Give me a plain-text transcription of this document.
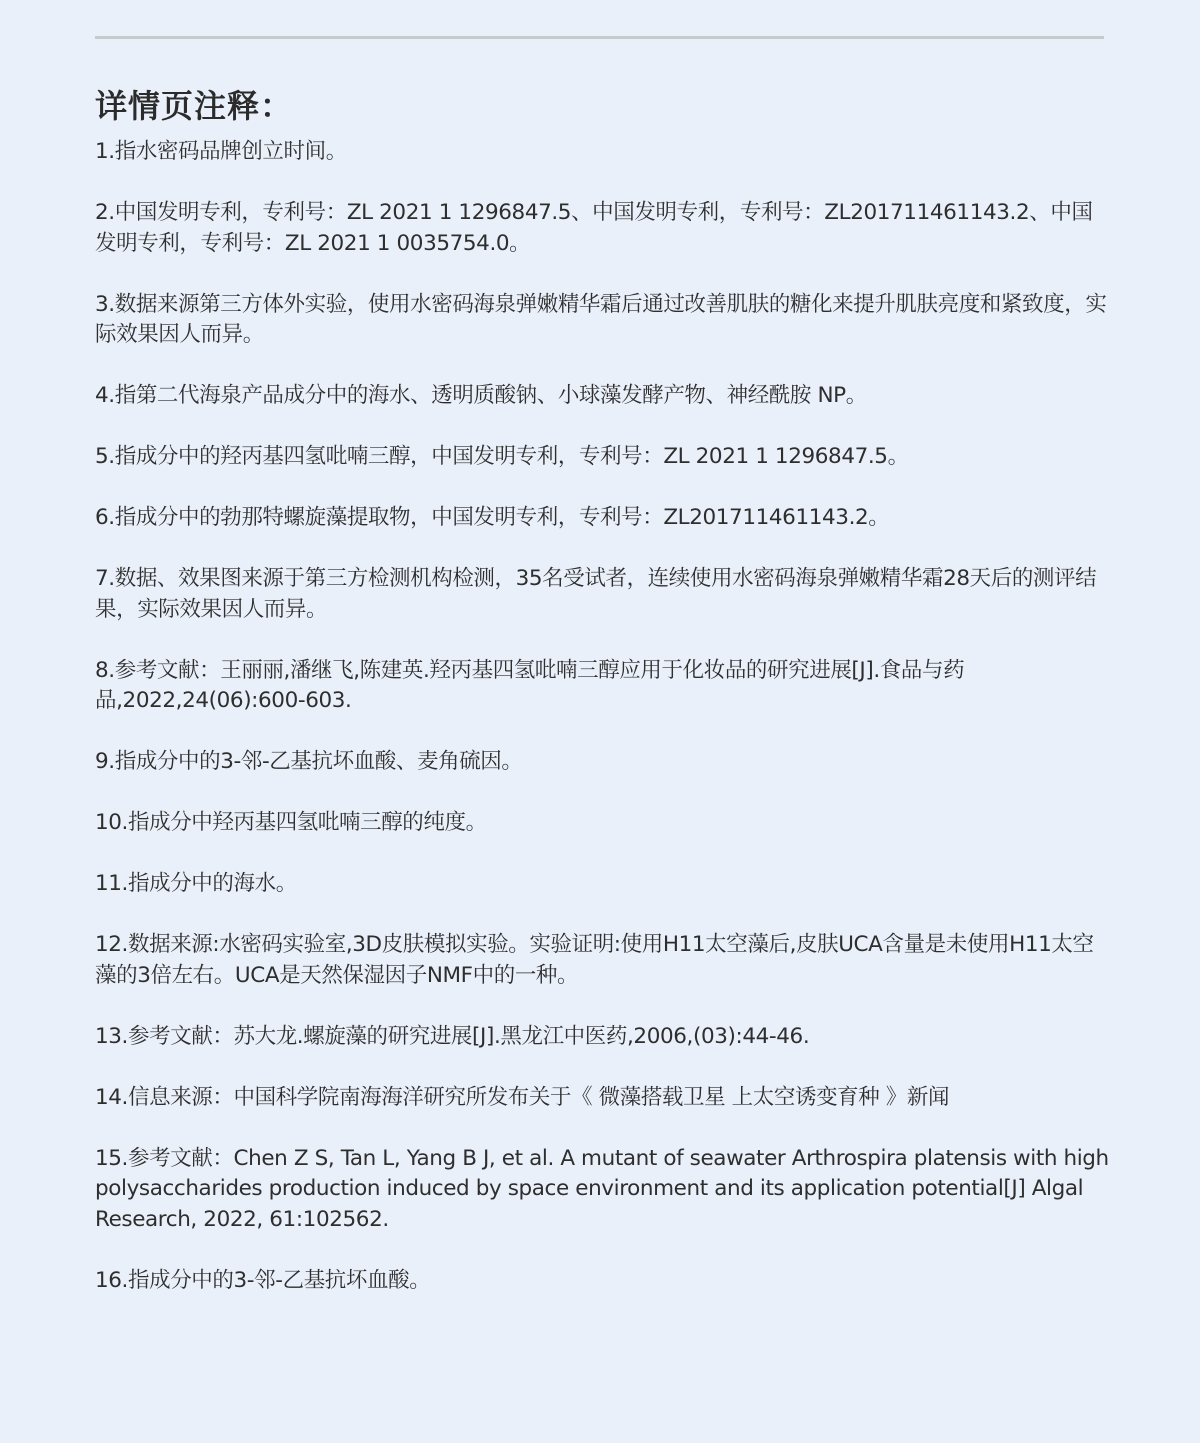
详情页注释：
1.指水密码品牌创立时间。
2.中国发明专利，专利号：ZL 2021 1 1296847.5、中国发明专利，专利号：ZL201711461143.2、中国发明专利，专利号：ZL 2021 1 0035754.0。
3.数据来源第三方体外实验，使用水密码海泉弹嫩精华霜后通过改善肌肤的糖化来提升肌肤亮度和紧致度，实际效果因人而异。
4.指第二代海泉产品成分中的海水、透明质酸钠、小球藻发酵产物、神经酰胺 NP。
5.指成分中的羟丙基四氢吡喃三醇，中国发明专利，专利号：ZL 2021 1 1296847.5。
6.指成分中的勃那特螺旋藻提取物，中国发明专利，专利号：ZL201711461143.2。
7.数据、效果图来源于第三方检测机构检测，35名受试者，连续使用水密码海泉弹嫩精华霜28天后的测评结果，实际效果因人而异。
8.参考文献：王丽丽,潘继飞,陈建英.羟丙基四氢吡喃三醇应用于化妆品的研究进展[J].食品与药品,2022,24(06):600-603.
9.指成分中的3-邻-乙基抗坏血酸、麦角硫因。
10.指成分中羟丙基四氢吡喃三醇的纯度。
11.指成分中的海水。
12.数据来源:水密码实验室,3D皮肤模拟实验。实验证明:使用H11太空藻后,皮肤UCA含量是未使用H11太空藻的3倍左右。UCA是天然保湿因子NMF中的一种。
13.参考文献：苏大龙.螺旋藻的研究进展[J].黑龙江中医药,2006,(03):44-46.
14.信息来源：中国科学院南海海洋研究所发布关于《 微藻搭载卫星 上太空诱变育种 》新闻
15.参考文献：Chen Z S, Tan L, Yang B J, et al. A mutant of seawater Arthrospira platensis with high polysaccharides production induced by space environment and its application potential[J] Algal Research, 2022, 61:102562.
16.指成分中的3-邻-乙基抗坏血酸。
